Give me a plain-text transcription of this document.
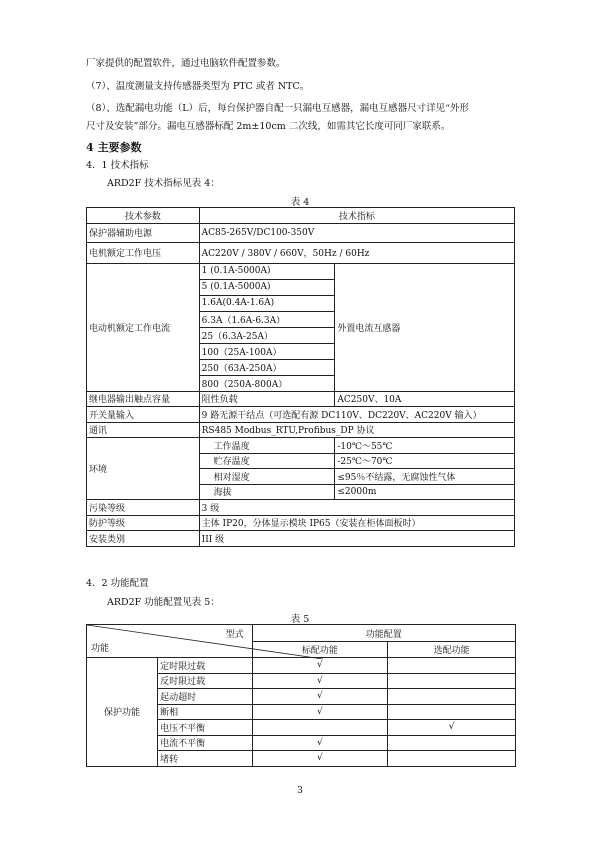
厂家提供的配置软件，通过电脑软件配置参数。
（7）、温度测量支持传感器类型为 PTC 或者 NTC。
（8）、选配漏电功能（L）后，每台保护器自配一只漏电互感器，漏电互感器尺寸详见“外形
尺寸及安装”部分。漏电互感器标配 2m±10cm 二次线，如需其它长度可同厂家联系。
4 主要参数
4．1 技术指标
ARD2F 技术指标见表 4：
表 4
技术参数	技术指标	
保护器辅助电源	AC85-265V/DC100-350V	
电机额定工作电压	AC220V / 380V / 660V，50Hz / 60Hz	
电动机额定工作电流	1 (0.1A-5000A)	外置电流互感器
	5 (0.1A-5000A)	
	1.6A(0.4A-1.6A)	
	6.3A（1.6A-6.3A）	
	25（6.3A-25A）	
	100（25A-100A）	
	250（63A-250A）	
	800（250A-800A）	
继电器输出触点容量	阻性负载	AC250V、10A
开关量输入	9 路无源干结点（可选配有源 DC110V、DC220V、AC220V 输入）	
通讯	RS485 Modbus_RTU,Profibus_DP 协议	
环境	工作温度	-10℃～55℃
	贮存温度	-25℃～70℃
	相对湿度	≤95％不结露，无腐蚀性气体
	海拔	≤2000m
污染等级	3 级	
防护等级	主体 IP20，分体显示模块 IP65（安装在柜体面板时）	
安装类别	III 级	
4．2 功能配置
ARD2F 功能配置见表 5：
表 5
型式
功能		功能配置	
		标配功能	选配功能
保护功能	定时限过载	√	
	反时限过载	√	
	起动超时	√	
	断相	√	
	电压不平衡		√
	电流不平衡	√	
	堵转	√	
3
